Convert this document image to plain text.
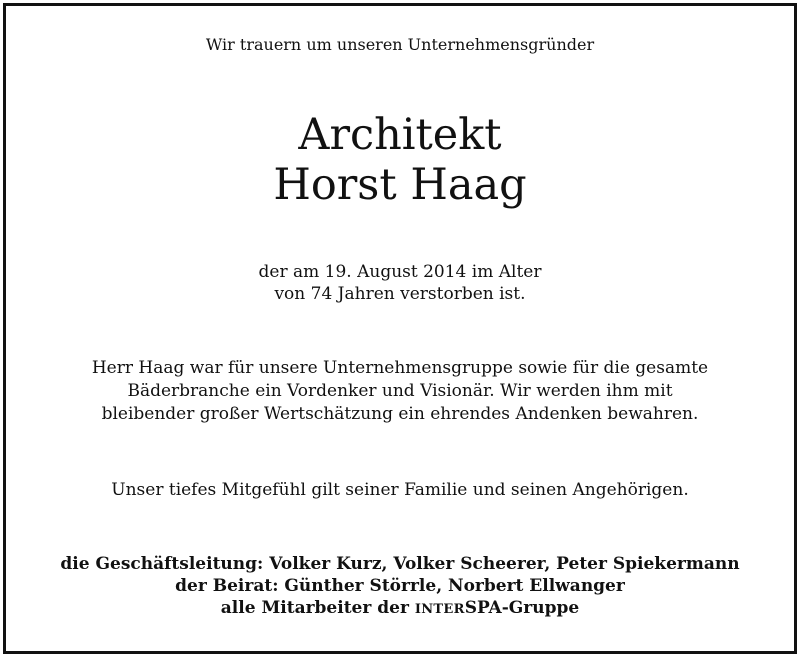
Wir trauern um unseren Unternehmensgründer
Architekt
Horst Haag
der am 19. August 2014 im Alter
von 74 Jahren verstorben ist.
Herr Haag war für unsere Unternehmensgruppe sowie für die gesamte
Bäderbranche ein Vordenker und Visionär. Wir werden ihm mit
bleibender großer Wertschätzung ein ehrendes Andenken bewahren.
Unser tiefes Mitgefühl gilt seiner Familie und seinen Angehörigen.
die Geschäftsleitung: Volker Kurz, Volker Scheerer, Peter Spiekermann
der Beirat: Günther Störrle, Norbert Ellwanger
alle Mitarbeiter der INTERSPA-Gruppe
